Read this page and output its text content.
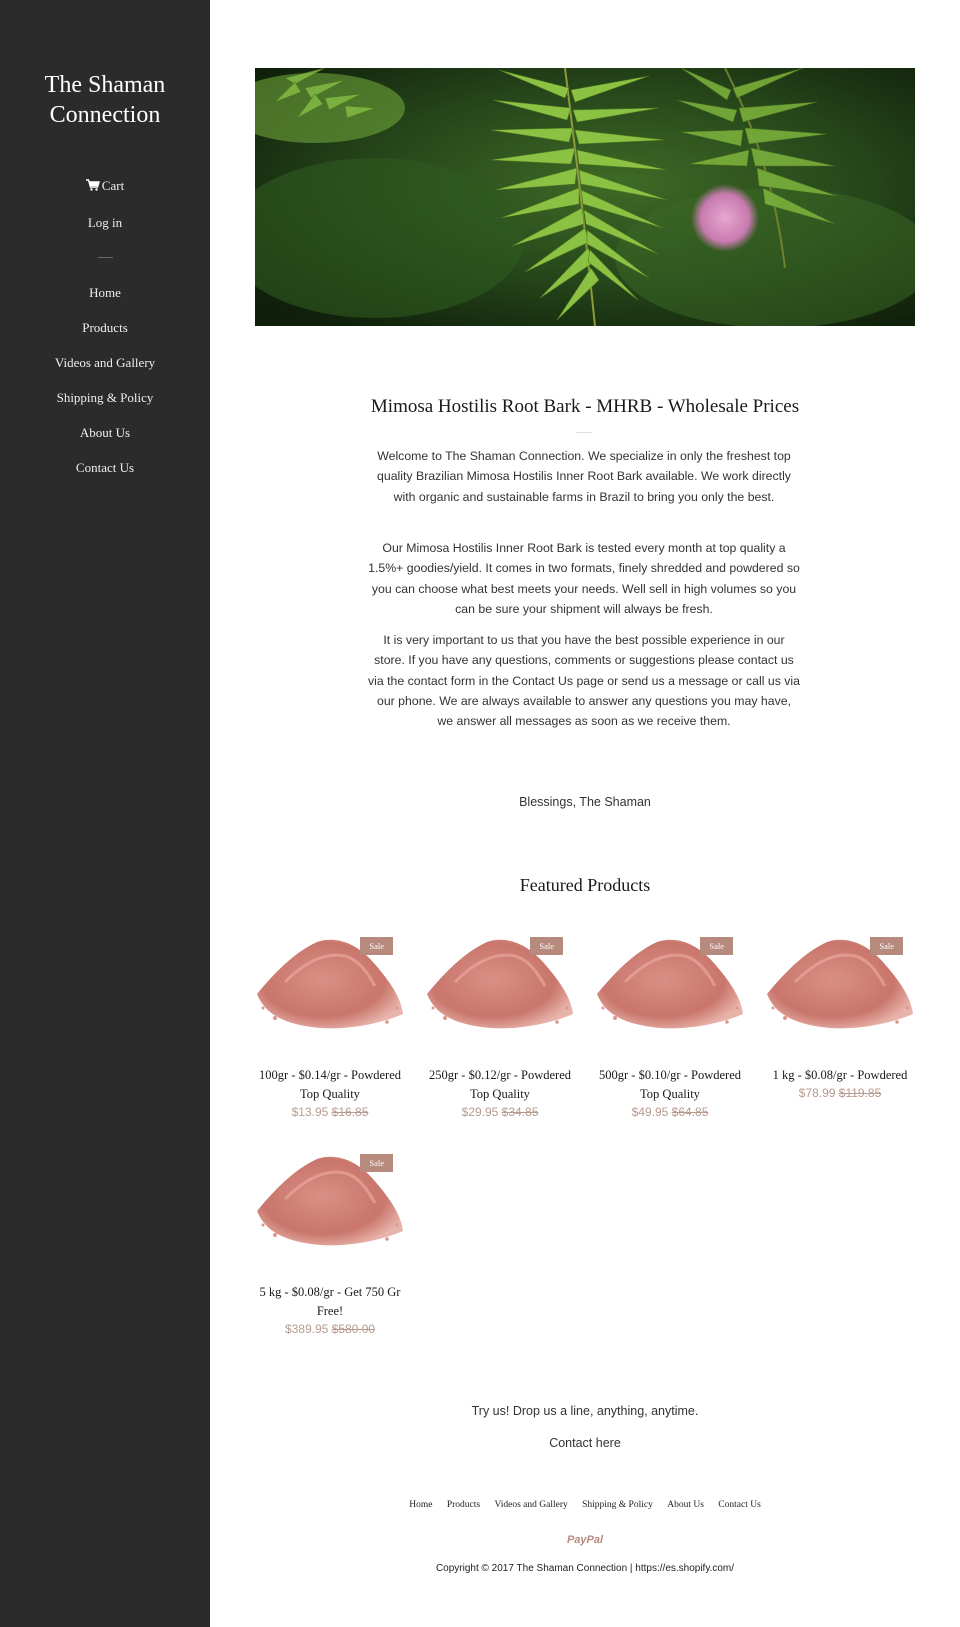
The Shaman Connection
Cart
Log in
Home
Products
Videos and Gallery
Shipping & Policy
About Us
Contact Us
Mimosa Hostilis Root Bark - MHRB - Wholesale Prices
Welcome to The Shaman Connection. We specialize in only the freshest top quality Brazilian Mimosa Hostilis Inner Root Bark available. We work directly with organic and sustainable farms in Brazil to bring you only the best.
Our Mimosa Hostilis Inner Root Bark is tested every month at top quality a 1.5%+ goodies/yield. It comes in two formats, finely shredded and powdered so you can choose what best meets your needs. Well sell in high volumes so you can be sure your shipment will always be fresh.
It is very important to us that you have the best possible experience in our store. If you have any questions, comments or suggestions please contact us via the contact form in the Contact Us page or send us a message or call us via our phone. We are always available to answer any questions you may have, we answer all messages as soon as we receive them.
Blessings, The Shaman
Featured Products
Sale
100gr - $0.14/gr - Powdered Top Quality
$13.95 $16.85
Sale
250gr - $0.12/gr - Powdered Top Quality
$29.95 $34.85
Sale
500gr - $0.10/gr - Powdered Top Quality
$49.95 $64.85
Sale
1 kg - $0.08/gr - Powdered
$78.99 $119.85
Sale
5 kg - $0.08/gr - Get 750 Gr Free!
$389.95 $580.00
Try us! Drop us a line, anything, anytime.
Contact here
Home Products Videos and Gallery Shipping & Policy About Us Contact Us
PayPal
Copyright © 2017 The Shaman Connection | https://es.shopify.com/
